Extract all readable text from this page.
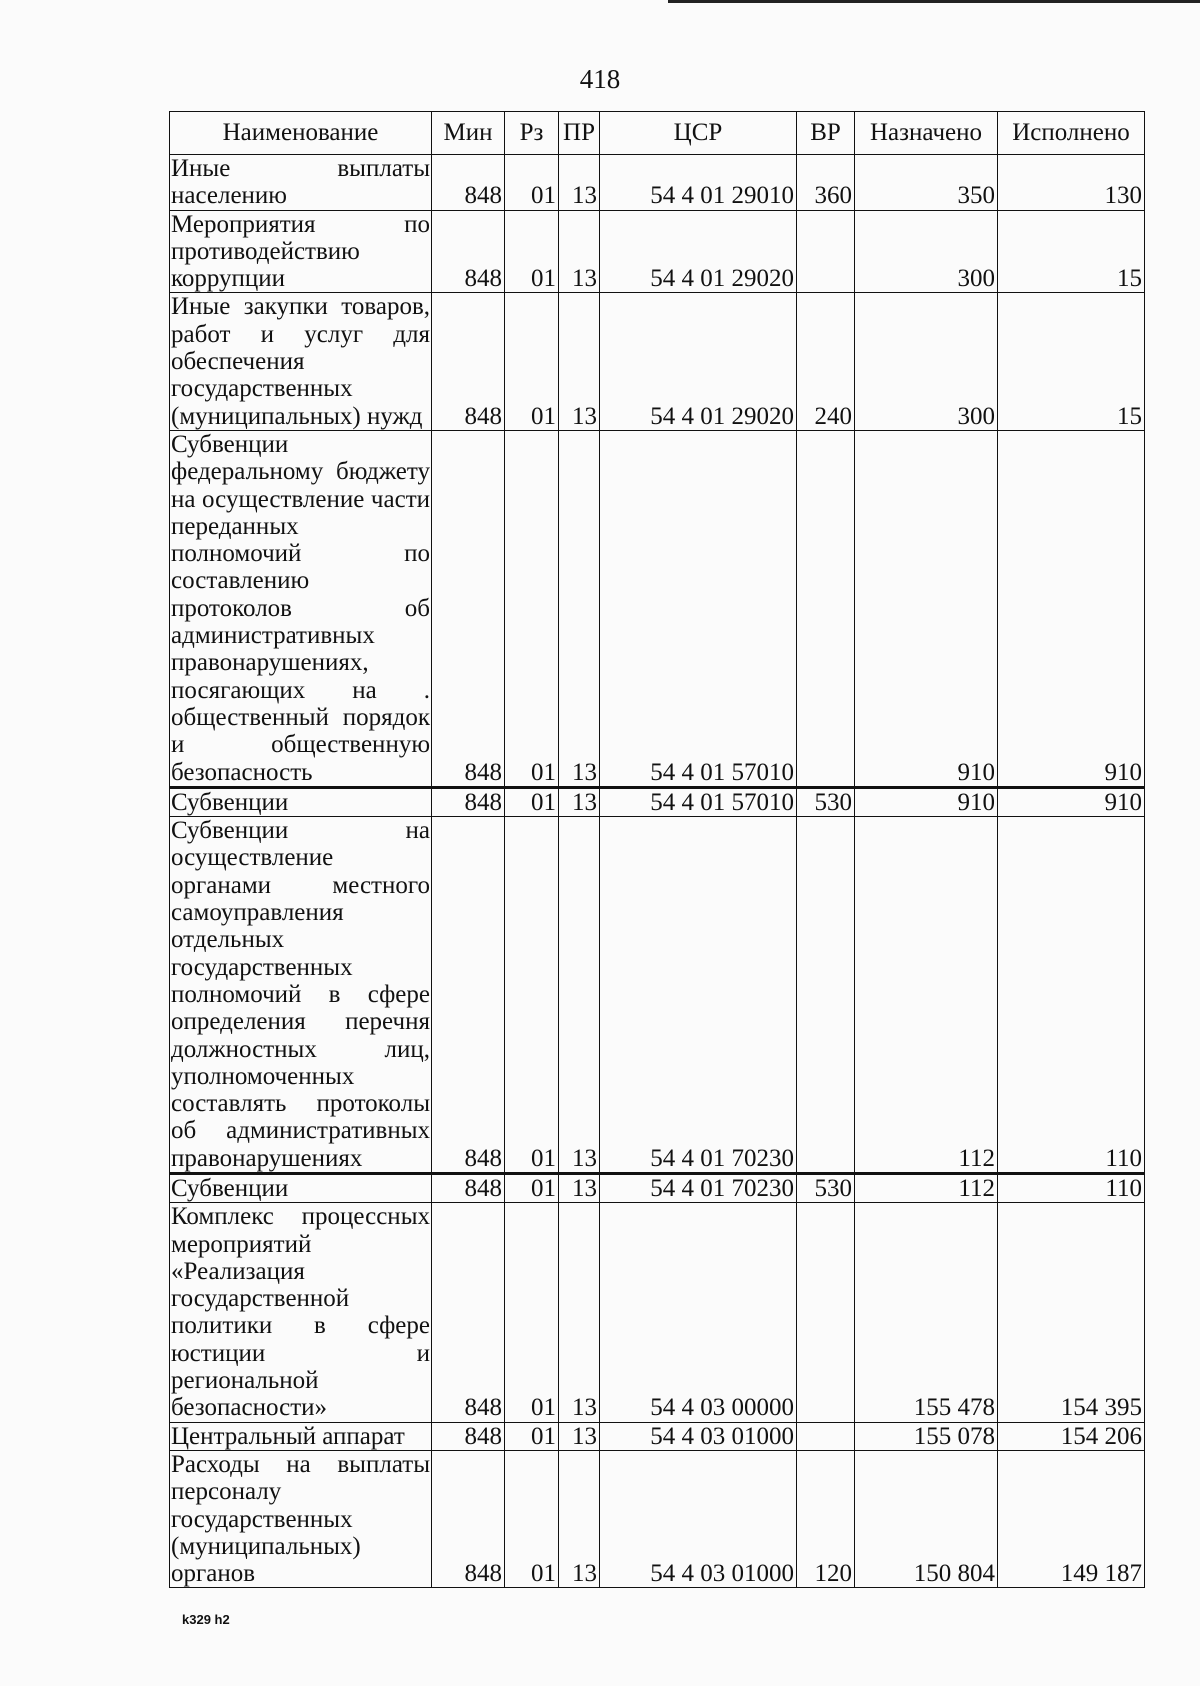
418
Наименование	Мин	Рз	ПР	ЦСР	ВР	Назначено	Исполнено
Иные выплаты населению	848	01	13	54 4 01 29010	360	350	130
Мероприятия по противодействию коррупции	848	01	13	54 4 01 29020		300	15
Иные закупки товаров, работ и услуг для обеспечения государственных (муниципальных) нужд	848	01	13	54 4 01 29020	240	300	15
Субвенции федеральному бюджету на осуществление части переданных полномочий по составлению протоколов об административных правонарушениях, посягающих на . общественный порядок и общественную безопасность	848	01	13	54 4 01 57010		910	910
Субвенции	848	01	13	54 4 01 57010	530	910	910
Субвенции на осуществление органами местного самоуправления отдельных государственных полномочий в сфере определения перечня должностных лиц, уполномоченных составлять протоколы об административных правонарушениях	848	01	13	54 4 01 70230		112	110
Субвенции	848	01	13	54 4 01 70230	530	112	110
Комплекс процессных мероприятий «Реализация государственной политики в сфере юстиции и региональной безопасности»	848	01	13	54 4 03 00000		155 478	154 395
Центральный аппарат	848	01	13	54 4 03 01000		155 078	154 206
Расходы на выплаты персоналу государственных (муниципальных) органов	848	01	13	54 4 03 01000	120	150 804	149 187
k329 h2
